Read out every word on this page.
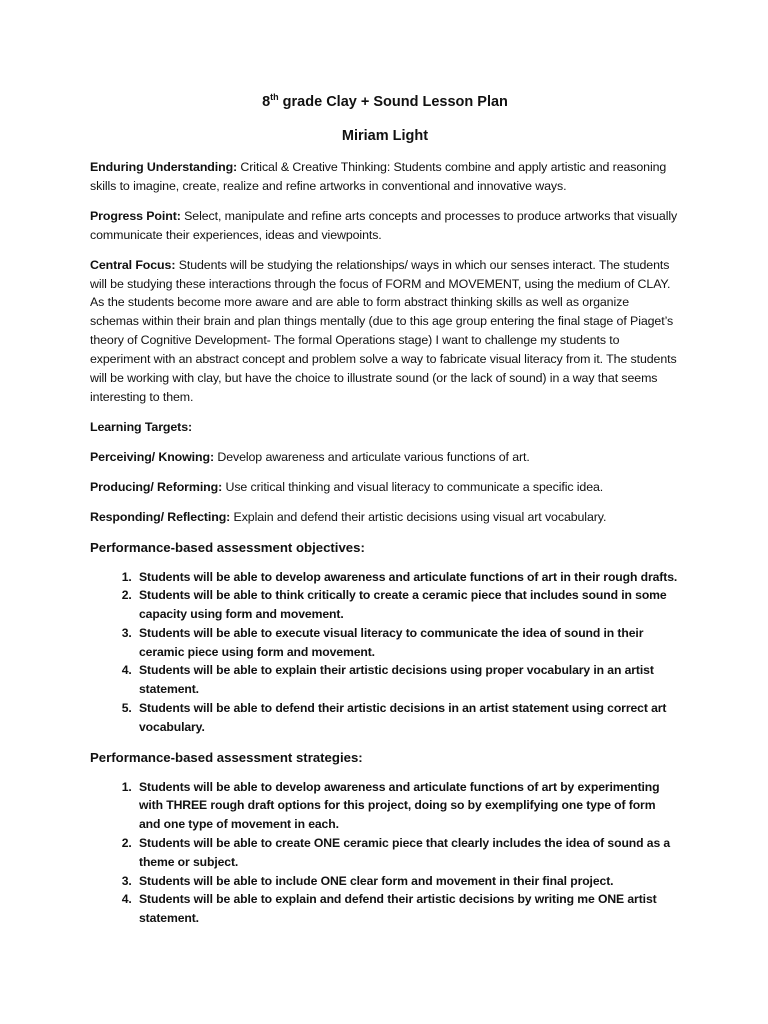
8th grade Clay + Sound Lesson Plan
Miriam Light

Enduring Understanding: Critical & Creative Thinking: Students combine and apply artistic and reasoning skills to imagine, create, realize and refine artworks in conventional and innovative ways.

Progress Point: Select, manipulate and refine arts concepts and processes to produce artworks that visually communicate their experiences, ideas and viewpoints.

Central Focus: Students will be studying the relationships/ ways in which our senses interact. The students will be studying these interactions through the focus of FORM and MOVEMENT, using the medium of CLAY. As the students become more aware and are able to form abstract thinking skills as well as organize schemas within their brain and plan things mentally (due to this age group entering the final stage of Piaget’s theory of Cognitive Development- The formal Operations stage) I want to challenge my students to experiment with an abstract concept and problem solve a way to fabricate visual literacy from it. The students will be working with clay, but have the choice to illustrate sound (or the lack of sound) in a way that seems interesting to them.

Learning Targets:

Perceiving/ Knowing: Develop awareness and articulate various functions of art.

Producing/ Reforming: Use critical thinking and visual literacy to communicate a specific idea.

Responding/ Reflecting: Explain and defend their artistic decisions using visual art vocabulary.

Performance-based assessment objectives:
1. Students will be able to develop awareness and articulate functions of art in their rough drafts.
2. Students will be able to think critically to create a ceramic piece that includes sound in some capacity using form and movement.
3. Students will be able to execute visual literacy to communicate the idea of sound in their ceramic piece using form and movement.
4. Students will be able to explain their artistic decisions using proper vocabulary in an artist statement.
5. Students will be able to defend their artistic decisions in an artist statement using correct art vocabulary.
Performance-based assessment strategies:
1. Students will be able to develop awareness and articulate functions of art by experimenting with THREE rough draft options for this project, doing so by exemplifying one type of form and one type of movement in each.
2. Students will be able to create ONE ceramic piece that clearly includes the idea of sound as a theme or subject.
3. Students will be able to include ONE clear form and movement in their final project.
4. Students will be able to explain and defend their artistic decisions by writing me ONE artist statement.
